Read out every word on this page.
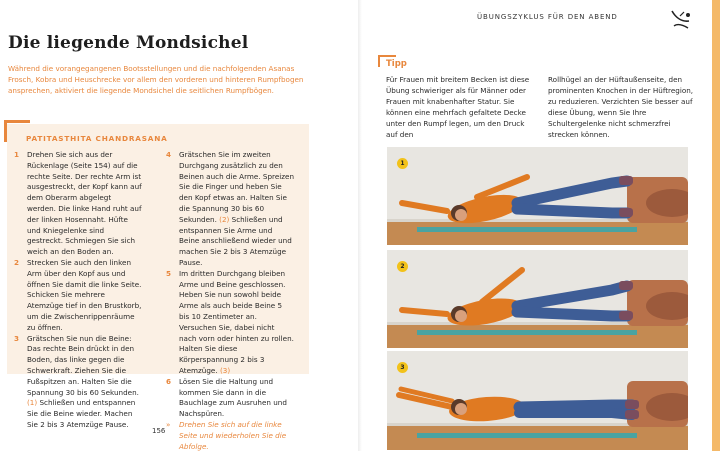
Die liegende Mondsichel

Während die vorangegangenen Bootsstellungen und die nachfolgenden Asanas Frosch, Kobra und Heuschrecke vor allem den vorderen und hinteren Rumpfbogen ansprechen, aktiviert die liegende Mondsichel die seitlichen Rumpfbögen.

PATITASTHITA CHANDRASANA

1	Drehen Sie sich aus der Rückenlage (Seite 154) auf die rechte Seite. Der rechte Arm ist ausgestreckt, der Kopf kann auf dem Oberarm abgelegt werden. Die linke Hand ruht auf der linken Hosennaht. Hüfte und Kniegelenke sind gestreckt. Schmiegen Sie sich weich an den Boden an.

2	Strecken Sie auch den linken Arm über den Kopf aus und öffnen Sie damit die linke Seite. Schicken Sie mehrere Atemzüge tief in den Brustkorb, um die Zwischenrippenräume zu öffnen.

3	Grätschen Sie nun die Beine: Das rechte Bein drückt in den Boden, das linke gegen die Schwerkraft. Ziehen Sie die Fußspitzen an. Halten Sie die Spannung 30 bis 60 Sekunden. (1) Schließen und entspannen Sie die Beine wieder. Machen Sie 2 bis 3 Atemzüge Pause.

4	Grätschen Sie im zweiten Durchgang zusätzlich zu den Beinen auch die Arme. Spreizen Sie die Finger und heben Sie den Kopf etwas an. Halten Sie die Spannung 30 bis 60 Sekunden. (2) Schließen und entspannen Sie Arme und Beine anschließend wieder und machen Sie 2 bis 3 Atemzüge Pause.

5	Im dritten Durchgang bleiben Arme und Beine geschlossen. Heben Sie nun sowohl beide Arme als auch beide Beine 5 bis 10 Zentimeter an. Versuchen Sie, dabei nicht nach vorn oder hinten zu rollen. Halten Sie diese Körperspannung 2 bis 3 Atemzüge. (3)

6	Lösen Sie die Haltung und kommen Sie dann in die Bauchlage zum Ausruhen und Nachspüren.

»	Drehen Sie sich auf die linke Seite und wiederholen Sie die Abfolge.

156
ÜBUNGSZYKLUS FÜR DEN ABEND

Tipp

Für Frauen mit breitem Becken ist diese Übung schwieriger als für Männer oder Frauen mit knabenhafter Statur. Sie können eine mehrfach gefaltete Decke unter den Rumpf legen, um den Druck auf den

Rollhügel an der Hüftaußenseite, den prominenten Knochen in der Hüftregion, zu reduzieren. Verzichten Sie besser auf diese Übung, wenn Sie Ihre Schultergelenke nicht schmerzfrei strecken können.

1
2
3
